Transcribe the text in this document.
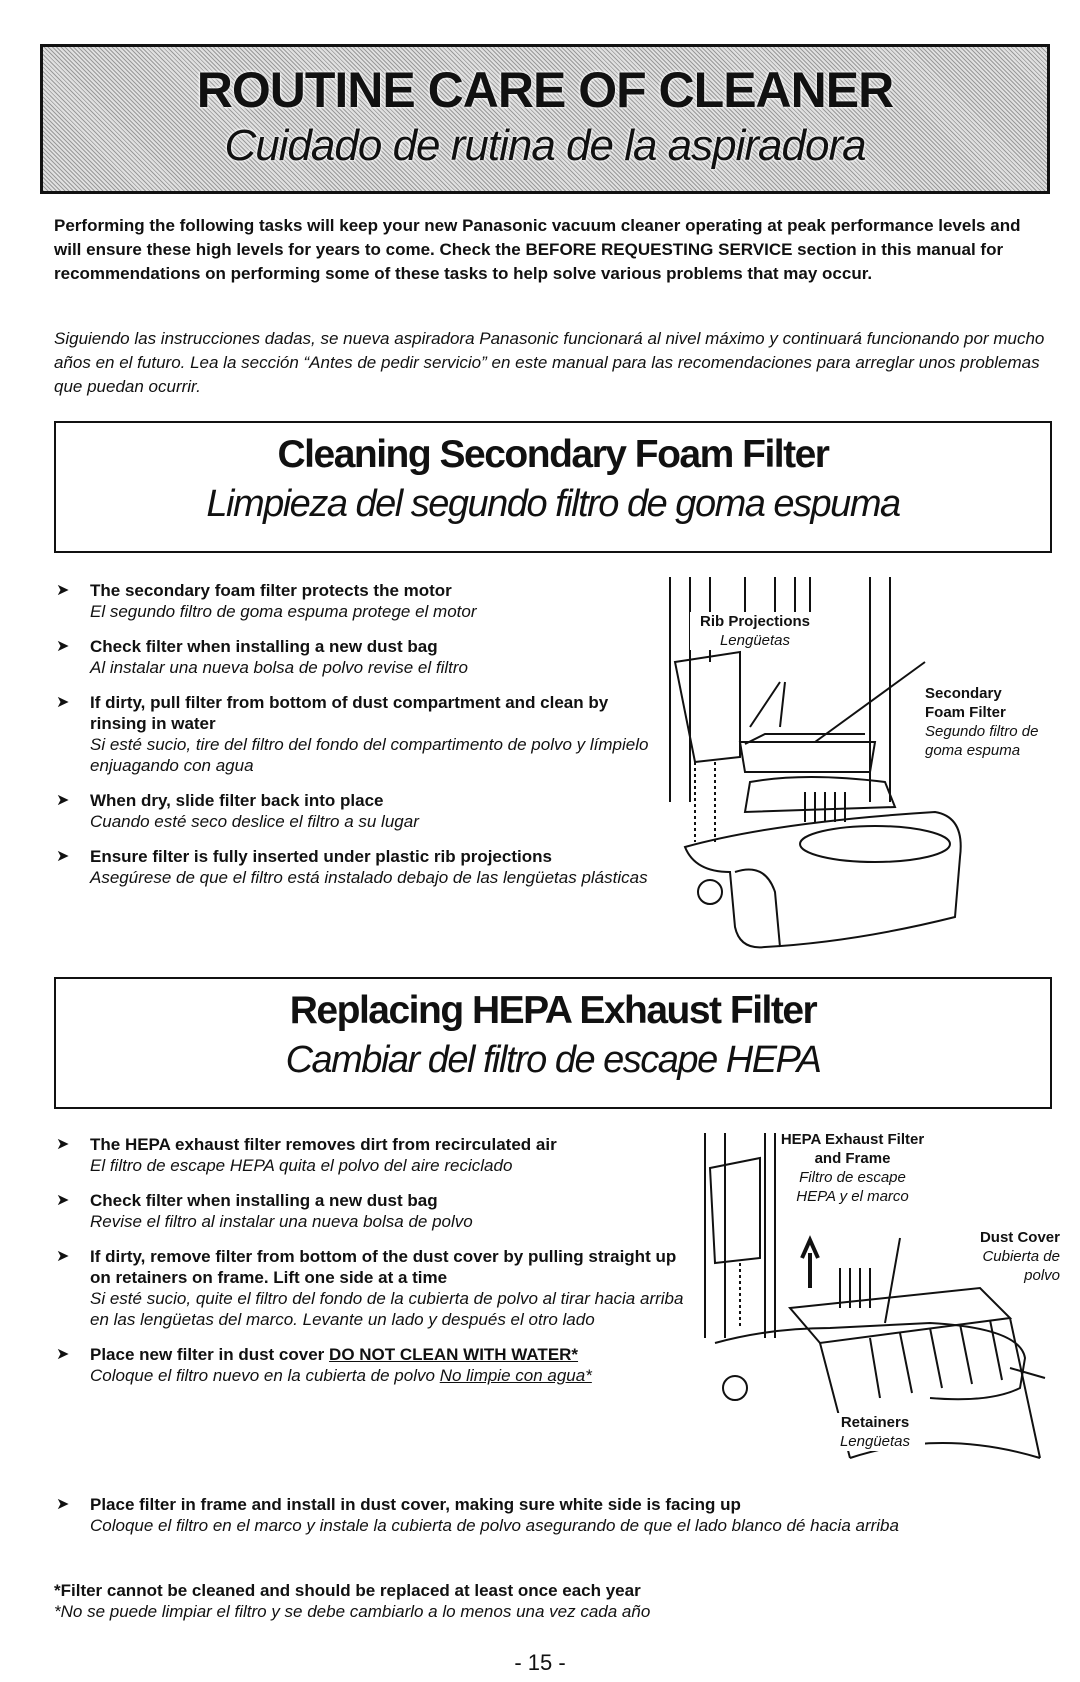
ROUTINE CARE OF CLEANER
Cuidado de rutina de la aspiradora
Performing the following tasks will keep your new Panasonic vacuum cleaner operating at peak performance levels and will ensure these high levels for years to come. Check the BEFORE REQUESTING SERVICE section in this manual for recommendations on performing some of these tasks to help solve various problems that may occur.
Siguiendo las instrucciones dadas, se nueva aspiradora Panasonic funcionará al nivel máximo y continuará funcionando por mucho años en el futuro. Lea la sección “Antes de pedir servicio” en este manual para las recomendaciones para arreglar unos problemas que puedan ocurrir.
Cleaning Secondary Foam Filter
Limpieza del segundo filtro de goma espuma
➤ The secondary foam filter protects the motor
El segundo filtro de goma espuma protege el motor
➤ Check filter when installing a new dust bag
Al instalar una nueva bolsa de polvo revise el filtro
➤ If dirty, pull filter from bottom of dust compartment and clean by rinsing in water
Si esté sucio, tire del filtro del fondo del compartimento de polvo y límpielo enjuagando con agua
➤ When dry, slide filter back into place
Cuando esté seco deslice el filtro a su lugar
➤ Ensure filter is fully inserted under plastic rib projections
Asegúrese de que el filtro está instalado debajo de las lengüetas plásticas
Rib Projections
Lengüetas
Secondary Foam Filter
Segundo filtro de goma espuma
Replacing HEPA Exhaust Filter
Cambiar del filtro de escape HEPA
➤ The HEPA exhaust filter removes dirt from recirculated air
El filtro de escape HEPA quita el polvo del aire reciclado
➤ Check filter when installing a new dust bag
Revise el filtro al instalar una nueva bolsa de polvo
➤ If dirty, remove filter from bottom of the dust cover by pulling straight up on retainers on frame. Lift one side at a time
Si esté sucio, quite el filtro del fondo de la cubierta de polvo al tirar hacia arriba en las lengüetas del marco. Levante un lado y después el otro lado
➤ Place new filter in dust cover DO NOT CLEAN WITH WATER*
Coloque el filtro nuevo en la cubierta de polvo No limpie con agua*
➤ Place filter in frame and install in dust cover, making sure white side is facing up
Coloque el filtro en el marco y instale la cubierta de polvo asegurando de que el lado blanco dé hacia arriba
HEPA Exhaust Filter and Frame
Filtro de escape HEPA y el marco
Dust Cover
Cubierta de polvo
Retainers
Lengüetas
*Filter cannot be cleaned and should be replaced at least once each year
*No se puede limpiar el filtro y se debe cambiarlo a lo menos una vez cada año
- 15 -
